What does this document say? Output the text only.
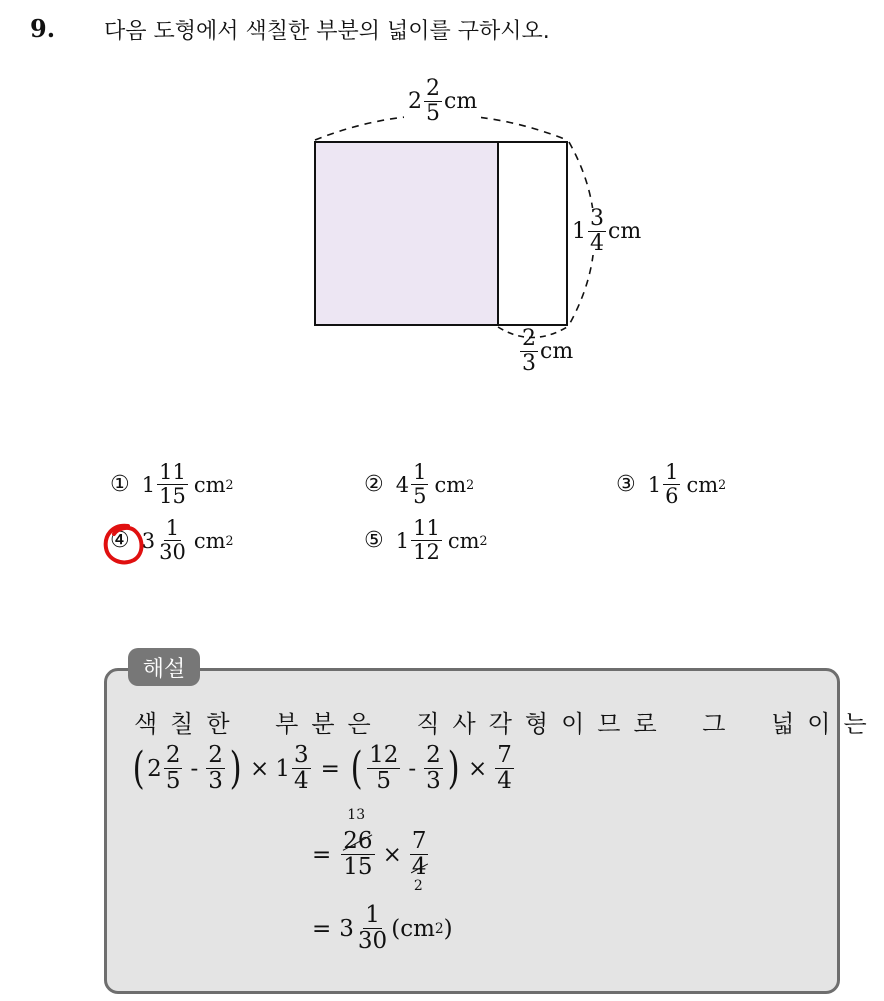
9. 다음 도형에서 색칠한 부분의 넓이를 구하시오.
$2 \frac{2}{5}$ cm
$1 \frac{3}{4}$ cm
$\frac{2}{3}$ cm
① $1 \frac{11}{15}$ cm 2	② $4 \frac{1}{5}$ cm 2	③ $1 \frac{1}{6}$ cm 2
④ $3 \frac{1}{30}$ cm 2	⑤ $1 \frac{11}{12}$ cm 2
해설
색칠한 부분은 직사각형이므로 그 넓이는
( $2 \frac{2}{5} - \frac{2}{3}$ ) × $1 \frac{3}{4}$ = ( $\frac{12}{5} - \frac{2}{3}$ ) × $\frac{7}{4}$
=
13
26
15 ×
7
4
2
= $3 \frac{1}{30}$ ( cm 2 )
